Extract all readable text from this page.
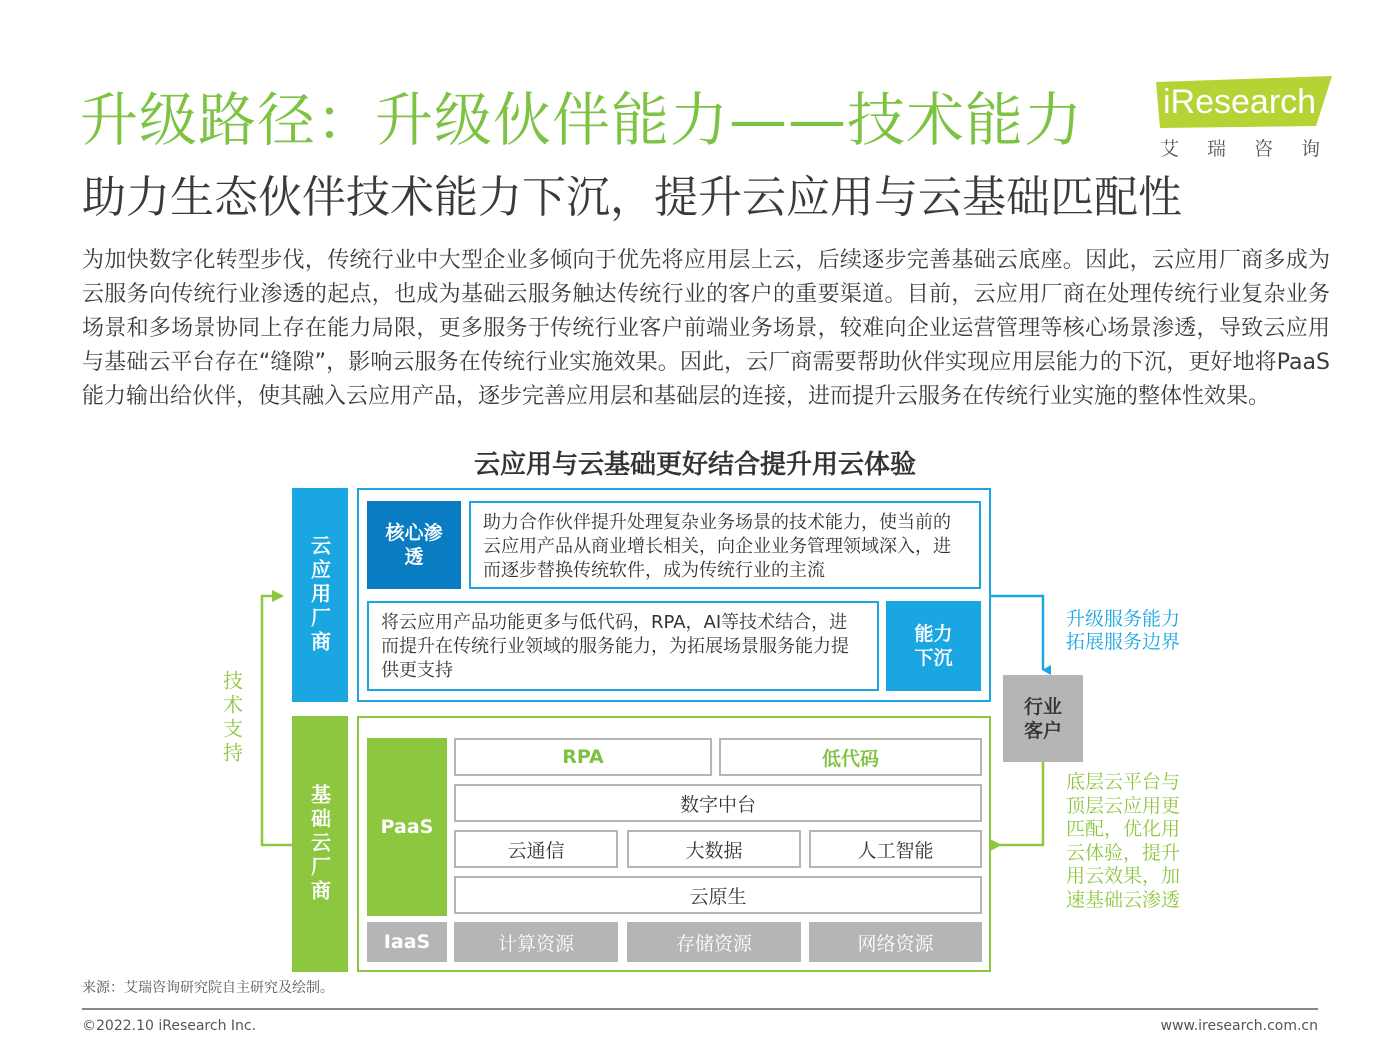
升级路径：升级伙伴能力——技术能力
助力生态伙伴技术能力下沉，提升云应用与云基础匹配性
iResearch
艾瑞咨询
为加快数字化转型步伐，传统行业中大型企业多倾向于优先将应用层上云，后续逐步完善基础云底座。因此，云应用厂商多成为云服务向传统行业渗透的起点，也成为基础云服务触达传统行业的客户的重要渠道。目前，云应用厂商在处理传统行业复杂业务场景和多场景协同上存在能力局限，更多服务于传统行业客户前端业务场景，较难向企业运营管理等核心场景渗透，导致云应用与基础云平台存在“缝隙”，影响云服务在传统行业实施效果。因此，云厂商需要帮助伙伴实现应用层能力的下沉，更好地将PaaS能力输出给伙伴，使其融入云应用产品，逐步完善应用层和基础层的连接，进而提升云服务在传统行业实施的整体性效果。
云应用与云基础更好结合提升用云体验
技术支持
云应用厂商
核心渗透
助力合作伙伴提升处理复杂业务场景的技术能力，使当前的云应用产品从商业增长相关，向企业业务管理领域深入，进而逐步替换传统软件，成为传统行业的主流
将云应用产品功能更多与低代码，RPA，AI等技术结合，进而提升在传统行业领域的服务能力，为拓展场景服务能力提供更支持
能力下沉
基础云厂商	PaaS
RPA	低代码
数字中台
云通信	大数据	人工智能
云原生
IaaS	计算资源	存储资源	网络资源
行业客户
升级服务能力拓展服务边界
底层云平台与顶层云应用更匹配，优化用云体验，提升用云效果，加速基础云渗透
来源：艾瑞咨询研究院自主研究及绘制。
©2022.10 iResearch Inc.	www.iresearch.com.cn
